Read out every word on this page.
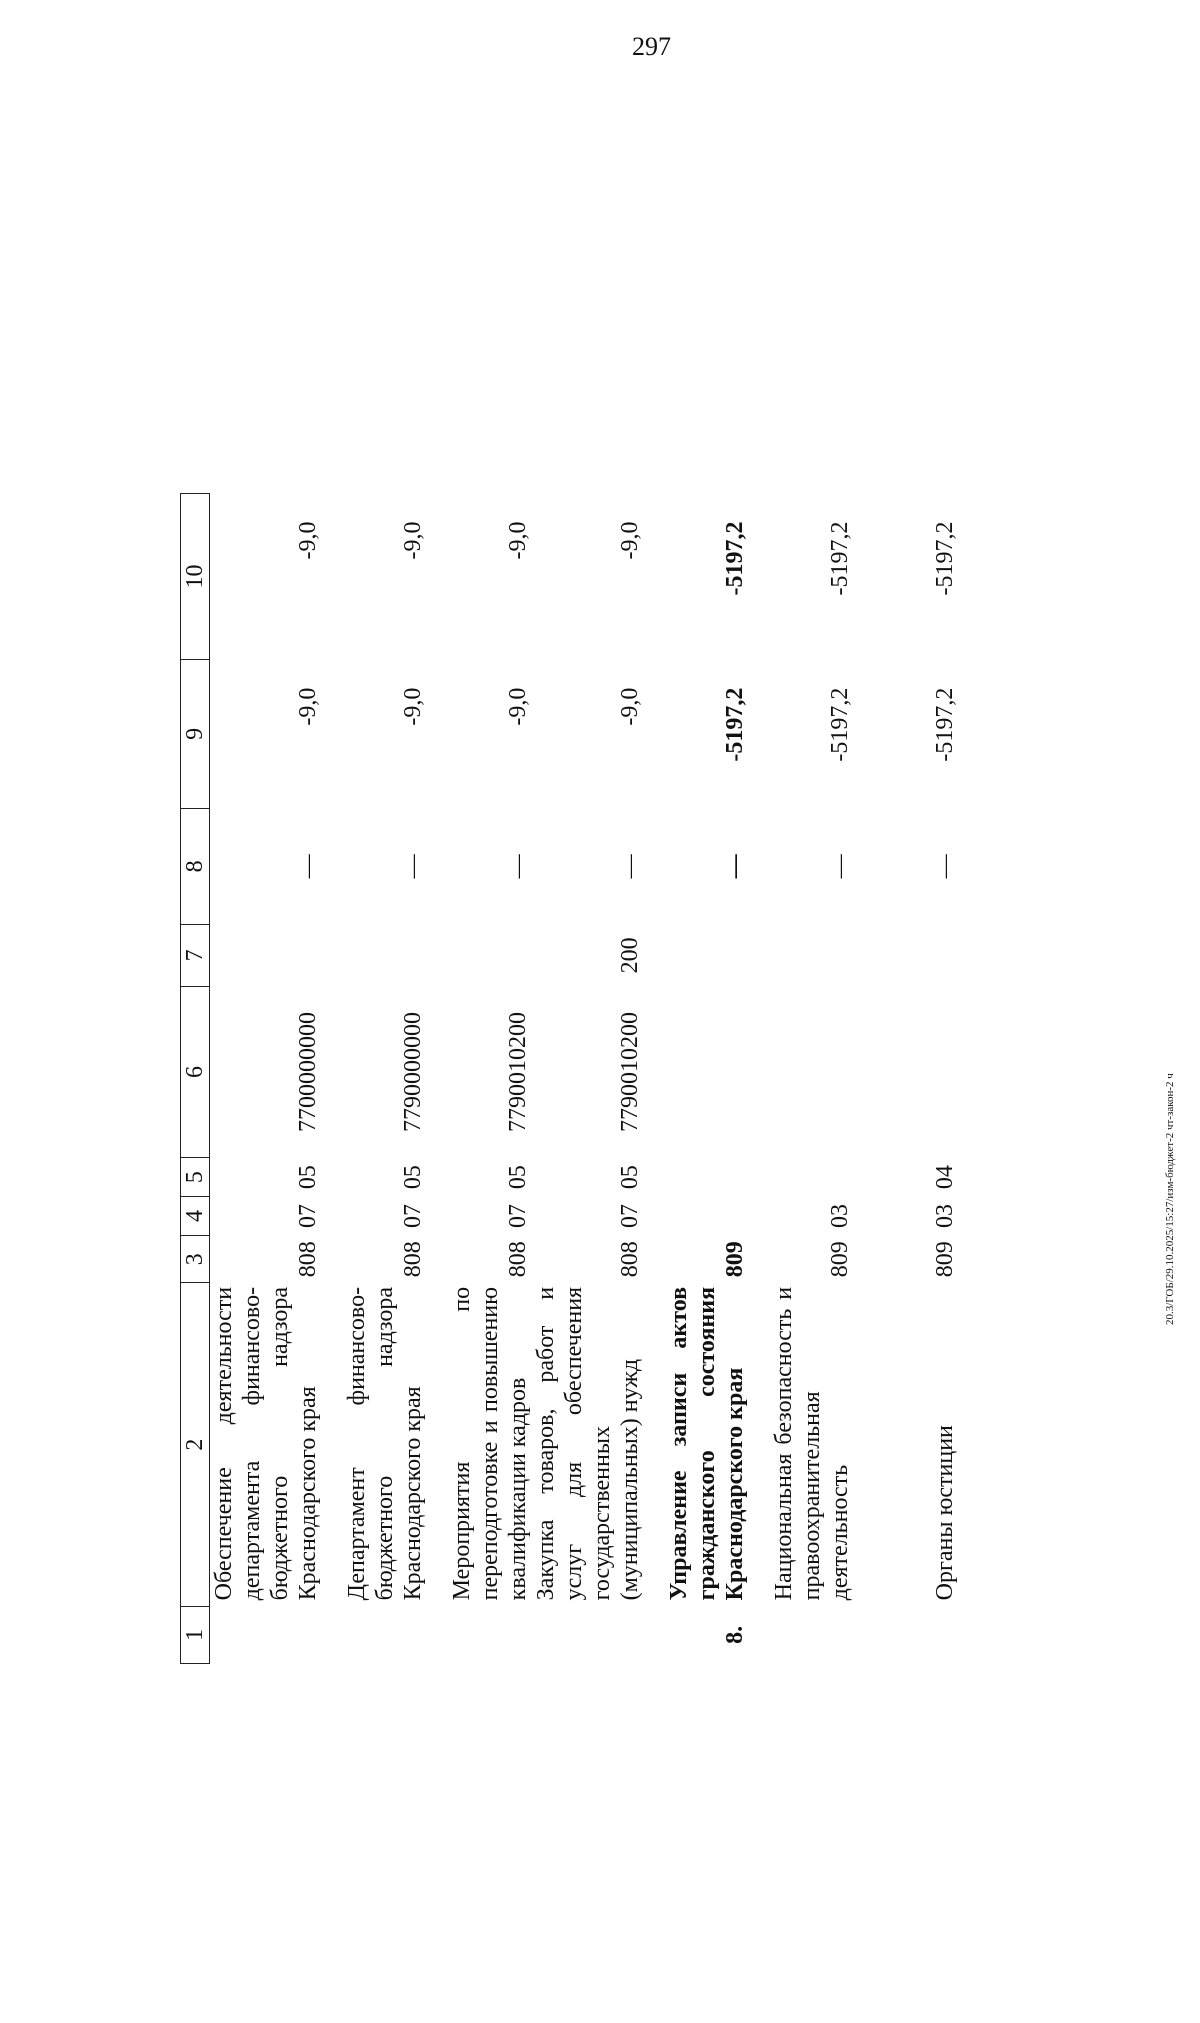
297
20.3/ГОБ/29.10.2025/15:27/изм-бюджет-2 чт-закон-2 ч
1	2	3	4	5	6	7	8	9	10
	Обеспечение деятельности департамента финансово-бюджетного надзора Краснодарского края	808	07	05	7700000000		—	-9,0	-9,0
	Департамент финансово-бюджетного надзора Краснодарского края	808	07	05	7790000000		—	-9,0	-9,0
	Мероприятия по переподготовке и повышению квалификации кадров	808	07	05	7790010200		—	-9,0	-9,0
	Закупка товаров, работ и услуг для обеспечения государственных (муниципальных) нужд	808	07	05	7790010200	200	—	-9,0	-9,0
8.	Управление записи актов гражданского состояния Краснодарского края	809					—	-5197,2	-5197,2
	Национальная безопасность и правоохранительная деятельность	809	03				—	-5197,2	-5197,2
	Органы юстиции	809	03	04			—	-5197,2	-5197,2
